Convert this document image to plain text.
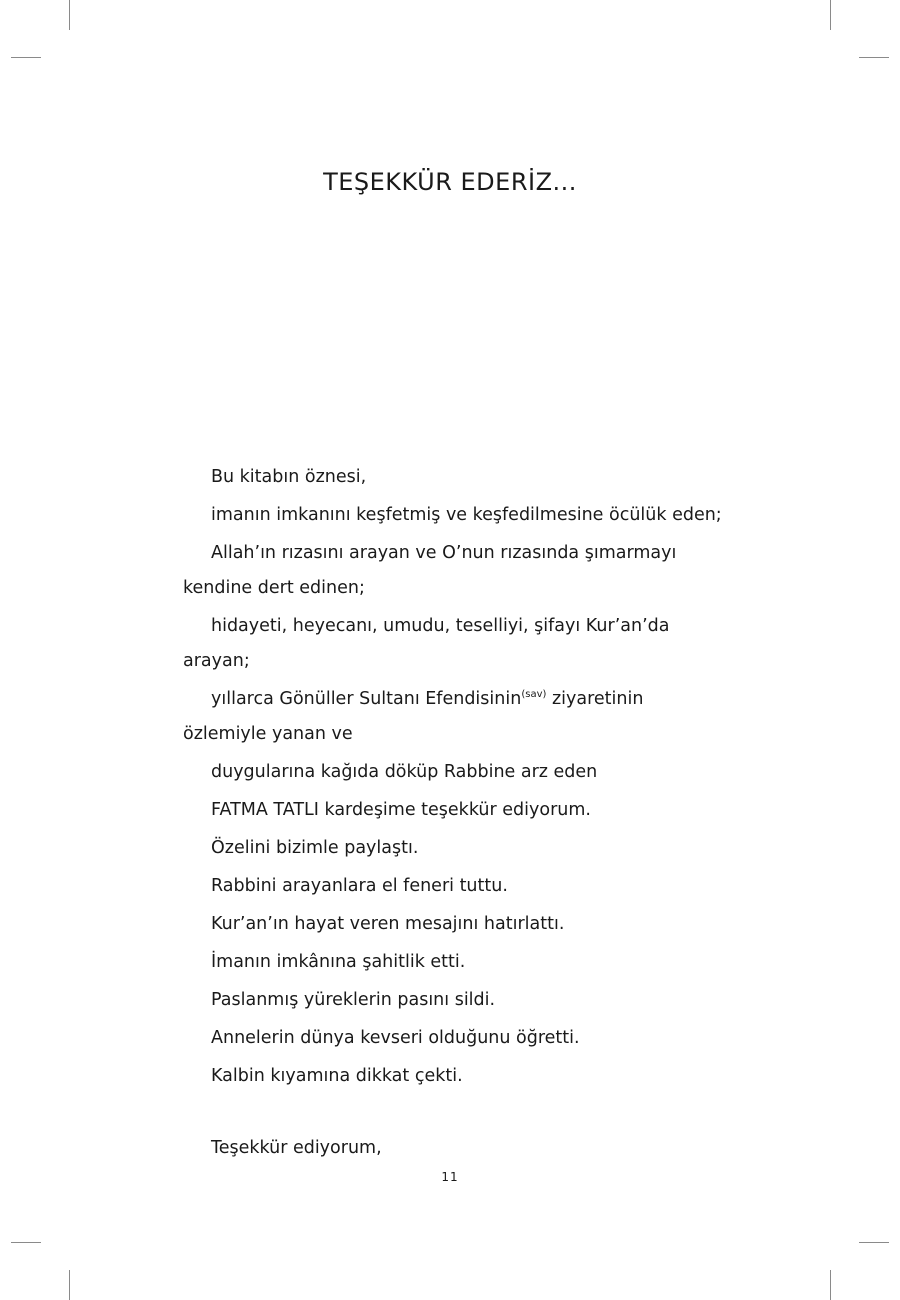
TEŞEKKÜR EDERİZ...

Bu kitabın öznesi,

imanın imkanını keşfetmiş ve keşfedilmesine öcülük eden;

Allah’ın rızasını arayan ve O’nun rızasında şımarmayı kendine dert edinen;

hidayeti, heyecanı, umudu, teselliyi, şifayı Kur’an’da arayan;

yıllarca Gönüller Sultanı Efendisinin$^{(sav)}$ ziyaretinin özlemiyle yanan ve

duygularına kağıda döküp Rabbine arz eden

FATMA TATLI kardeşime teşekkür ediyorum.

Özelini bizimle paylaştı.

Rabbini arayanlara el feneri tuttu.

Kur’an’ın hayat veren mesajını hatırlattı.

İmanın imkânına şahitlik etti.

Paslanmış yüreklerin pasını sildi.

Annelerin dünya kevseri olduğunu öğretti.

Kalbin kıyamına dikkat çekti.

Teşekkür ediyorum,

11
